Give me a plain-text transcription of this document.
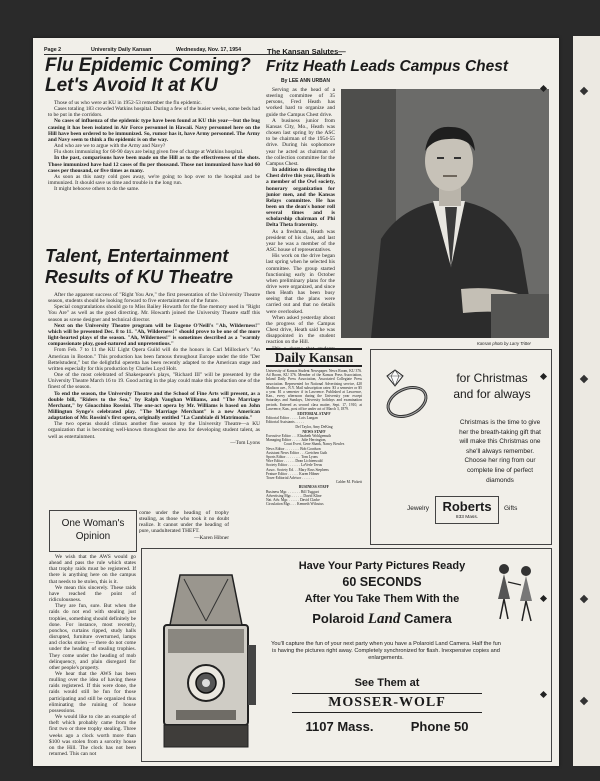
Page 2	University Daily Kansan	Wednesday, Nov. 17, 1954
Flu Epidemic Coming?
Let's Avoid It at KU

Those of us who were at KU in 1952-53 remember the flu epidemic.

Cases totaling 183 crowded Watkins hospital. During a few of the busier weeks, some beds had to be put in the corridors.

No cases of influenza of the epidemic type have been found at KU this year—but the bug causing it has been isolated in Air Force personnel in Hawaii. Navy personnel here on the Hill have been ordered to be immunized. So, rumor has it, have Army personnel. The Army and Navy seem to think a flu epidemic is on the way.

And who are we to argue with the Army and Navy?

Flu shots immunizing for 60-90 days are being given free of charge at Watkins hospital.

In the past, comparisons have been made on the Hill as to the effectiveness of the shots. Those immunized have had 12 cases of flu per thousand. Those not immunized have had 60 cases per thousand, or five times as many.

As soon as this nasty cold goes away, we're going to hop over to the hospital and be immunized. It should save us time and trouble in the long run.

It might behoove others to do the same.

Talent, Entertainment
Results of KU Theatre

After the apparent success of "Right You Are," the first presentation of the University Theatre season, students should be looking forward to five entertainments of the future.

Special congratulations should go to Miss Bailey Howarth for the fine memory used in "Right You Are" as well as the good directing. Mr. Howarth joined the University Theatre staff this season as scene designer and technical director.

Next on the University Theatre program will be Eugene O'Neill's "Ah, Wilderness!" which will be presented Dec. 8 to 11. "Ah, Wilderness!" should prove to be one of the more light-hearted plays of the season. "Ah, Wilderness!" is sometimes described as a "warmly compassionate play, good-natured and unpretentious."

From Feb. 7 to 11 the KU Light Opera Guild will do the honors in Carl Millocker's "An American in Boston." This production has been famous throughout Europe under the title "Der Bettelstudent," but the delightful operetta has been recently adapted to the American stage and written especially for this production by Charles Loyd Holt.

One of the most celebrated of Shakespeare's plays, "Richard III" will be presented by the University Theatre March 16 to 19. Good acting in the play could make this production one of the finest of the season.

To end the season, the University Theatre and the School of Fine Arts will present, as a double bill, "Riders to the Sea," by Ralph Vaughan Williams, and "The Marriage Merchant," by Gioacchino Rossini. The one-act opera by Mr. Williams is based on John Millington Synge's celebrated play. "The Marriage Merchant" is a new American adaptation of Mr. Rossini's first opera, originally entitled "La Cambiale di Matrimonio."

The two operas should climax another fine season by the University Theatre—a KU organization that is becoming well-known throughout the area for developing student talent, as well as entertainment.

—Tom Lyons

One Woman's
Opinion

We wish that the AWS would go ahead and pass the rule which states that trophy raids must be registered. If there is anything here on the campus that needs to be stolen, this is it.

We mean this sincerely. These raids have reached the point of ridiculousness.

They are fun, sure. But when the raids do not end with stealing just trophies, something should definitely be done. For instance, most recently, ponchos, curtains ripped, study halls disrupted, furniture overturned, lamps and clocks stolen — there do not come under the heading of stealing trophies. They come under the heading of mob delinquency, and plain disregard for other people's property.

We hear that the AWS has been mulling over the idea of having these raids registered. If this were done, the raids would still be fun for those participating and still be organized thus eliminating the ruining of house possessions.

We would like to cite an example of theft which probably came from the first two or three trophy stealing. Three weeks ago a clock worth more than $100 was stolen from a sorority house on the Hill. The clock has not been returned. This can not

come under the heading of trophy stealing, as those who took it no doubt realize. It cannot under the heading of pure, unadulterated THEFT.

—Karen Hibner

The Kansan Salutes—
Fritz Heath Leads Campus Chest
By LEE ANN URBAN

Serving as the head of a steering committee of 35 persons, Fred Heath has worked hard to organize and guide the Campus Chest drive.

A business junior from Kansas City, Mo., Heath was chosen last spring by the ASC to be chairman of the 1954-55 drive. During his sophomore year he acted as chairman of the collection committee for the Campus Chest.

In addition to directing the Chest drive this year, Heath is a member of the Owl society, honorary organization for junior men, and the Kansas Relays committee. He has been on the dean's honor roll several times and is scholarship chairman of Phi Delta Theta fraternity.

As a freshman, Heath was president of his class, and last year he was a member of the ASC house of representatives.

His work on the drive began last spring when he selected his committee. The group started functioning early in October when preliminary plans for the drive were organized, and since then Heath has been busy seeing that the plans were carried out and that no details were overlooked.

When asked yesterday about the progress of the Campus Chest drive, Heath said he was disappointed in the student reaction on the Hill.

"It's a shame that students

Kansan photo by Larry Tritter
Daily Kansan

University of Kansas Student Newspaper. News Room, KU 376. Ad Room, KU 376. Member of the Kansas Press Association, Inland Daily Press Association, Associated Collegiate Press association. Represented for National Advertising service, 420 Madison ave., N.Y. Mail subscription rates: $3 a semester or $5 a year. $1 a semester if in Lawrence. Published at Lawrence, Kan., every afternoon during the University year except Saturdays and Sundays, University holidays and examination periods. Entered as second class matter, Sept. 17, 1910, at Lawrence, Kan., post office under act of March 3, 1879.

EDITORIAL STAFF

Editorial Editor . . . . . Lois Langan

Editorial Assistants . . . . .

Del Taylor, Amy DeKing

NEWS STAFF

Executive Editor . . . Elizabeth Wohlgemuth

Managing Editor . . . . . Julie Herrington,

Court Evert, Gene Shank, Nancy Bowles

News Editor . . . . . . . . Bob Goodson

Assistant News Editor . . . Gretchen Guth

Sports Editor . . . . . . . . Tom Lyons

Wire Editor . . . . . . Dean Lichtenwald

Society Editor . . . . . . . LaVerle Teeus

Assoc. Society Ed. . . Mary Ross Stephens

Feature Editor . . . . . . Karen Hibner

Town-Editorial Advisor . . . . . . .

Calder M. Pickett

BUSINESS STAFF

Business Mgr. . . . . . . . Bill Tuggart

Advertising Mgr. . . . . . . David Kline

Nat. Adv. Mgr. . . . . . . David Clarke

Circulation Mgr. . . . Kenneth Wilcutus

for Christmas
and for always
Christmas is the time to give her the breath-taking gift that will make this Christmas one she'll always remember. Choose her ring from our complete line of perfect diamonds
Jewelry	Roberts
833 Mass.
Gifts
Have Your Party Pictures Ready
60 SECONDS
After You Take Them With the
Polaroid Land Camera
You'll capture the fun of your next party when you have a Polaroid Land Camera. Half the fun is having the pictures right away. Completely synchronized for flash. Inexpensive copies and enlargements.
See Them at
MOSSER-WOLF
1107 Mass.	Phone 50
